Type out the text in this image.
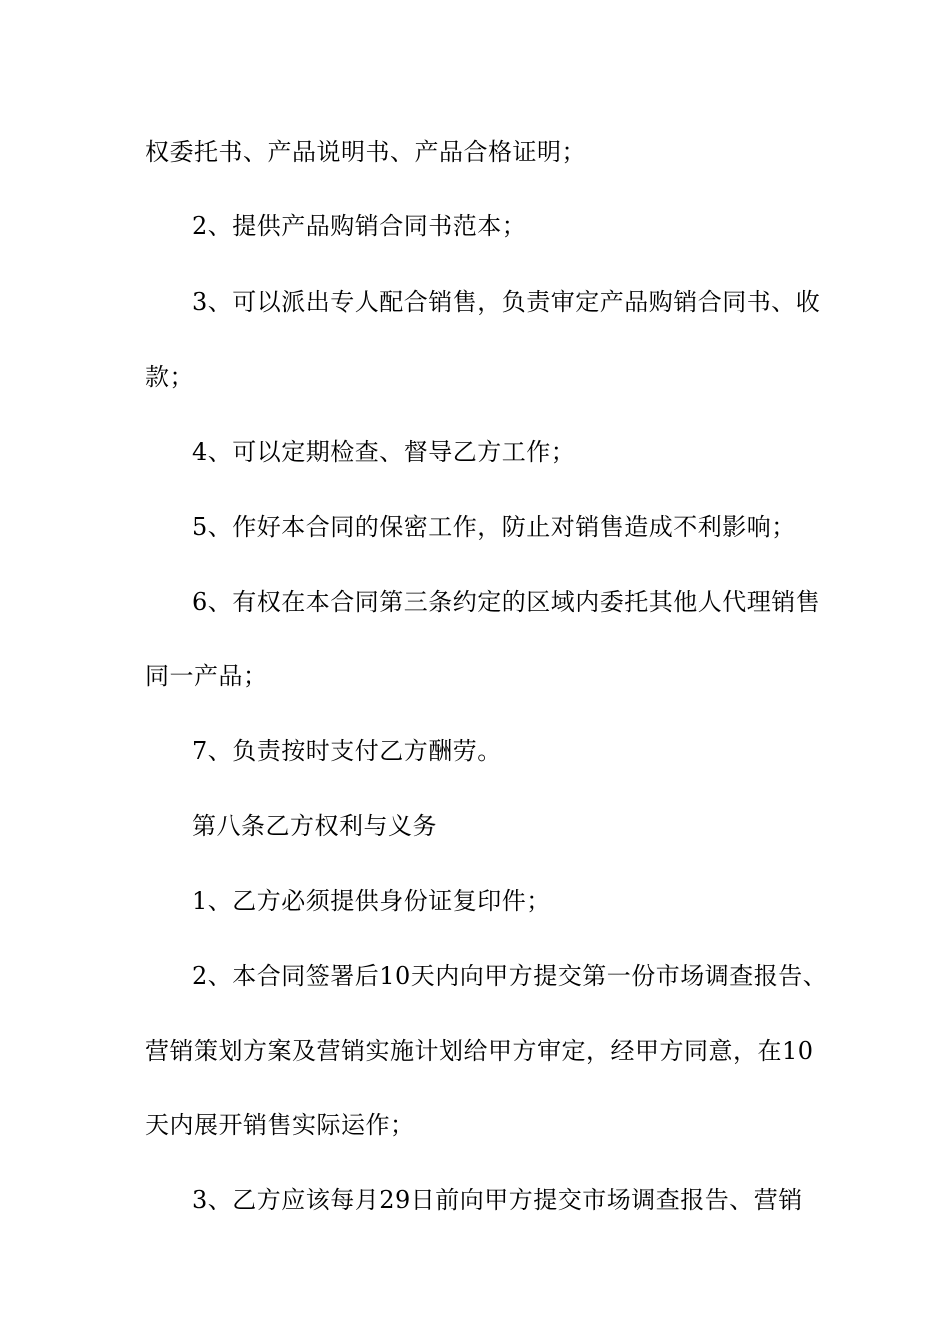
权委托书、产品说明书、产品合格证明；
2、提供产品购销合同书范本；
3、可以派出专人配合销售，负责审定产品购销合同书、收
款；
4、可以定期检查、督导乙方工作；
5、作好本合同的保密工作，防止对销售造成不利影响；
6、有权在本合同第三条约定的区域内委托其他人代理销售
同一产品；
7、负责按时支付乙方酬劳。
第八条乙方权利与义务
1、乙方必须提供身份证复印件；
2、本合同签署后10天内向甲方提交第一份市场调查报告、
营销策划方案及营销实施计划给甲方审定，经甲方同意，在10
天内展开销售实际运作；
3、乙方应该每月29日前向甲方提交市场调查报告、营销
